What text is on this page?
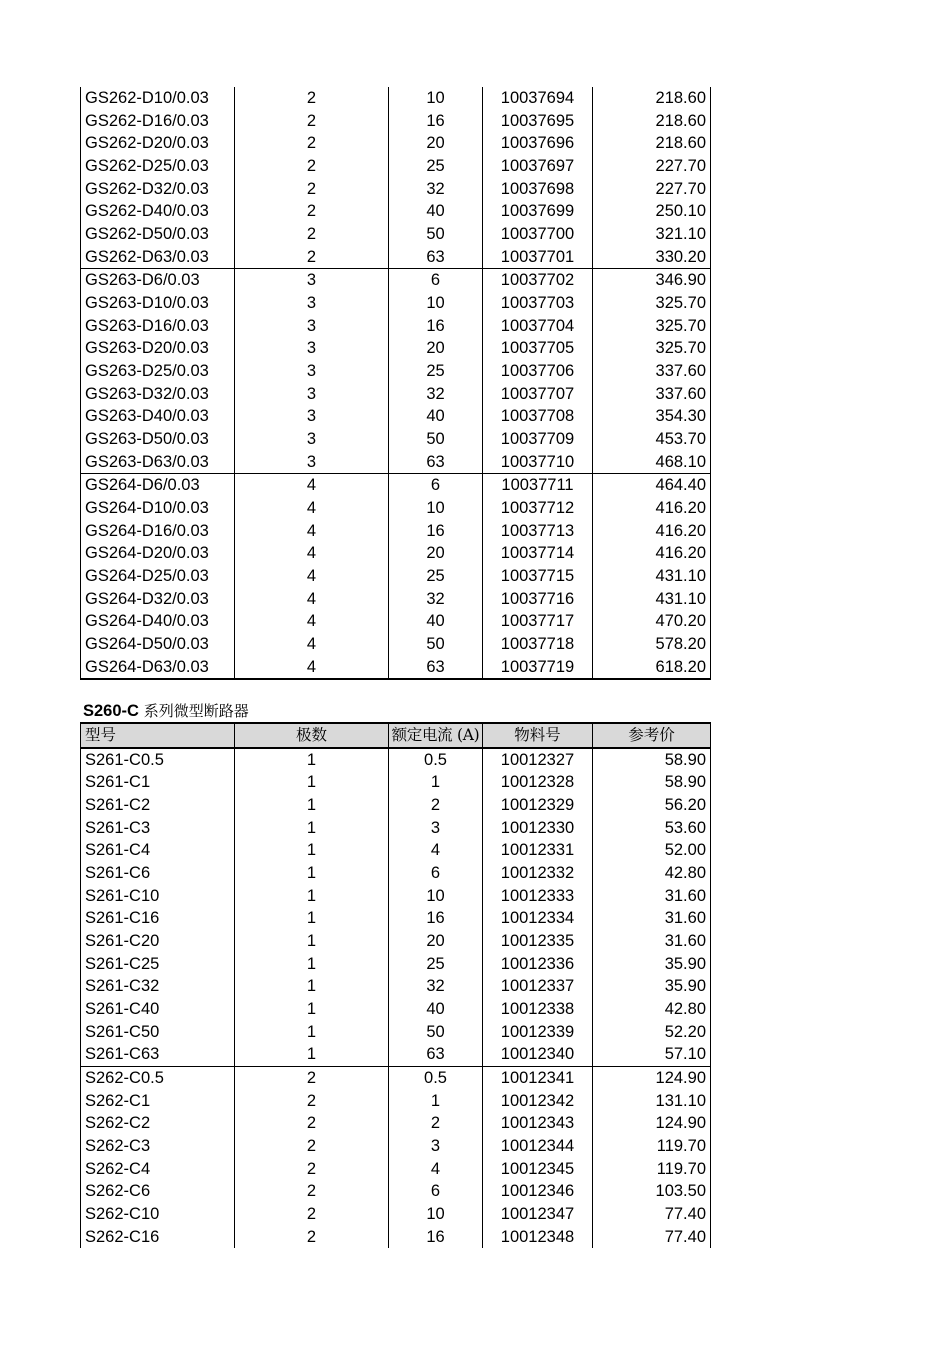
GS262-D10/0.03	2	10	10037694	218.60
GS262-D16/0.03	2	16	10037695	218.60
GS262-D20/0.03	2	20	10037696	218.60
GS262-D25/0.03	2	25	10037697	227.70
GS262-D32/0.03	2	32	10037698	227.70
GS262-D40/0.03	2	40	10037699	250.10
GS262-D50/0.03	2	50	10037700	321.10
GS262-D63/0.03	2	63	10037701	330.20
GS263-D6/0.03	3	6	10037702	346.90
GS263-D10/0.03	3	10	10037703	325.70
GS263-D16/0.03	3	16	10037704	325.70
GS263-D20/0.03	3	20	10037705	325.70
GS263-D25/0.03	3	25	10037706	337.60
GS263-D32/0.03	3	32	10037707	337.60
GS263-D40/0.03	3	40	10037708	354.30
GS263-D50/0.03	3	50	10037709	453.70
GS263-D63/0.03	3	63	10037710	468.10
GS264-D6/0.03	4	6	10037711	464.40
GS264-D10/0.03	4	10	10037712	416.20
GS264-D16/0.03	4	16	10037713	416.20
GS264-D20/0.03	4	20	10037714	416.20
GS264-D25/0.03	4	25	10037715	431.10
GS264-D32/0.03	4	32	10037716	431.10
GS264-D40/0.03	4	40	10037717	470.20
GS264-D50/0.03	4	50	10037718	578.20
GS264-D63/0.03	4	63	10037719	618.20
S260-C 系列微型断路器
型号	极数	额定电流 (A)	物料号	参考价
S261-C0.5	1	0.5	10012327	58.90
S261-C1	1	1	10012328	58.90
S261-C2	1	2	10012329	56.20
S261-C3	1	3	10012330	53.60
S261-C4	1	4	10012331	52.00
S261-C6	1	6	10012332	42.80
S261-C10	1	10	10012333	31.60
S261-C16	1	16	10012334	31.60
S261-C20	1	20	10012335	31.60
S261-C25	1	25	10012336	35.90
S261-C32	1	32	10012337	35.90
S261-C40	1	40	10012338	42.80
S261-C50	1	50	10012339	52.20
S261-C63	1	63	10012340	57.10
S262-C0.5	2	0.5	10012341	124.90
S262-C1	2	1	10012342	131.10
S262-C2	2	2	10012343	124.90
S262-C3	2	3	10012344	119.70
S262-C4	2	4	10012345	119.70
S262-C6	2	6	10012346	103.50
S262-C10	2	10	10012347	77.40
S262-C16	2	16	10012348	77.40
